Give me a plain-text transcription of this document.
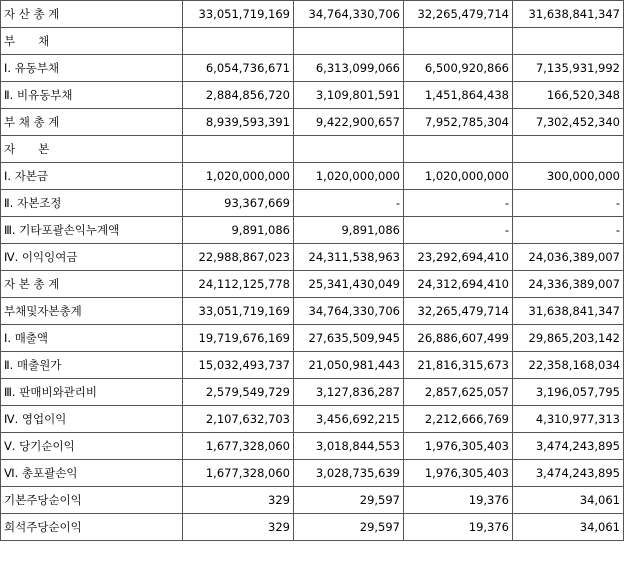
자 산 총 계	33,051,719,169	34,764,330,706	32,265,479,714	31,638,841,347
부　　채				
Ⅰ. 유동부채	6,054,736,671	6,313,099,066	6,500,920,866	7,135,931,992
Ⅱ. 비유동부채	2,884,856,720	3,109,801,591	1,451,864,438	166,520,348
부 채 총 계	8,939,593,391	9,422,900,657	7,952,785,304	7,302,452,340
자　　본				
Ⅰ. 자본금	1,020,000,000	1,020,000,000	1,020,000,000	300,000,000
Ⅱ. 자본조정	93,367,669	-	-	-
Ⅲ. 기타포괄손익누계액	9,891,086	9,891,086	-	-
Ⅳ. 이익잉여금	22,988,867,023	24,311,538,963	23,292,694,410	24,036,389,007
자 본 총 계	24,112,125,778	25,341,430,049	24,312,694,410	24,336,389,007
부채및자본총계	33,051,719,169	34,764,330,706	32,265,479,714	31,638,841,347
Ⅰ. 매출액	19,719,676,169	27,635,509,945	26,886,607,499	29,865,203,142
Ⅱ. 매출원가	15,032,493,737	21,050,981,443	21,816,315,673	22,358,168,034
Ⅲ. 판매비와관리비	2,579,549,729	3,127,836,287	2,857,625,057	3,196,057,795
Ⅳ. 영업이익	2,107,632,703	3,456,692,215	2,212,666,769	4,310,977,313
Ⅴ. 당기순이익	1,677,328,060	3,018,844,553	1,976,305,403	3,474,243,895
Ⅵ. 총포괄손익	1,677,328,060	3,028,735,639	1,976,305,403	3,474,243,895
기본주당순이익	329	29,597	19,376	34,061
희석주당순이익	329	29,597	19,376	34,061
